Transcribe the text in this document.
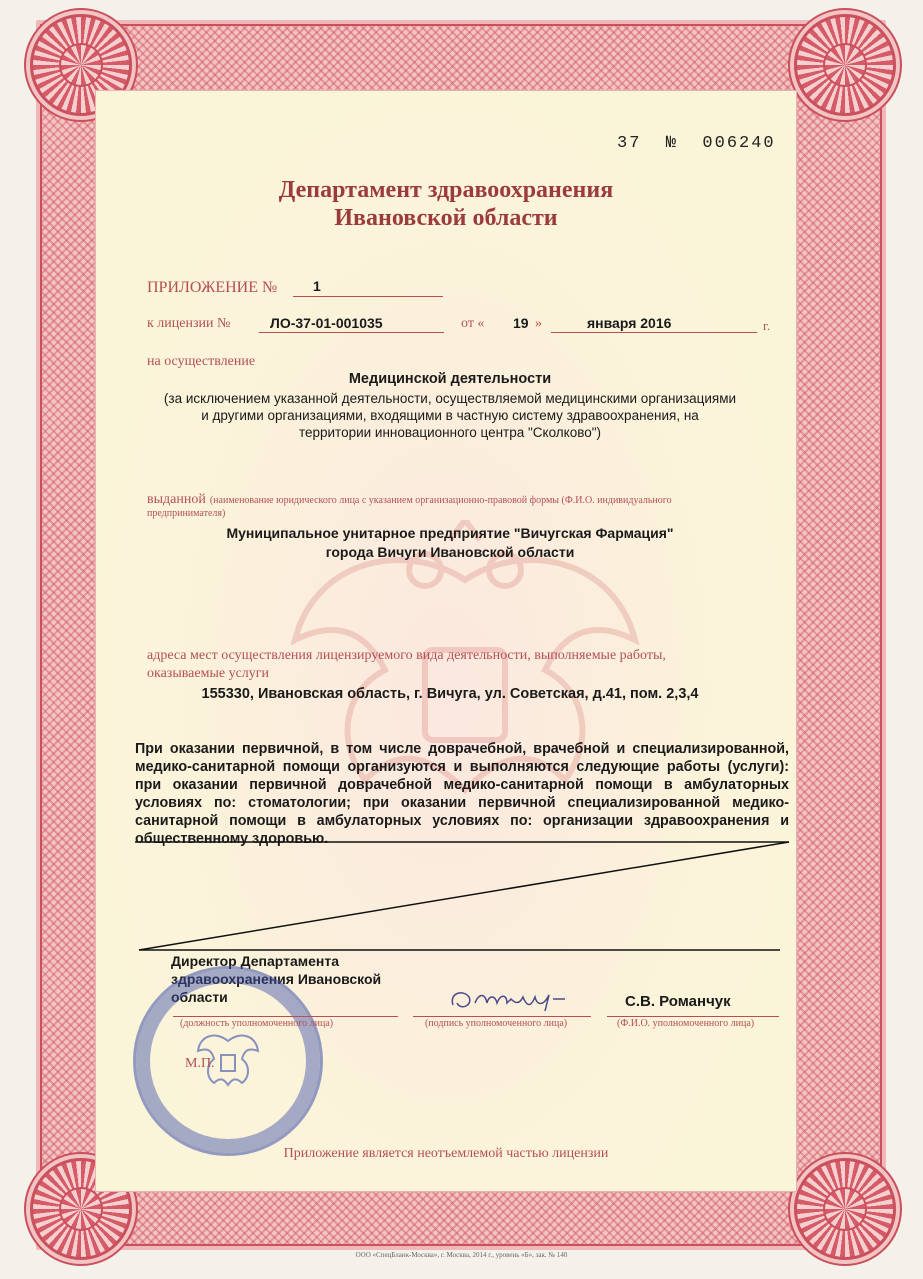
37 № 006240
Департамент здравоохранения
Ивановской области
ПРИЛОЖЕНИЕ №	1
к лицензии №	ЛО-37-01-001035	от « 19 »	января 2016	г.
на осуществление
Медицинской деятельности
(за исключением указанной деятельности, осуществляемой медицинскими организациями
и другими организациями, входящими в частную систему здравоохранения, на
территории инновационного центра "Сколково")
выданной (наименование юридического лица с указанием организационно-правовой формы (Ф.И.О. индивидуального
предпринимателя)
Муниципальное унитарное предприятие "Вичугская Фармация"
города Вичуги Ивановской области
адреса мест осуществления лицензируемого вида деятельности, выполняемые работы,
оказываемые услуги
155330, Ивановская область, г. Вичуга, ул. Советская, д.41, пом. 2,3,4
При оказании первичной, в том числе доврачебной, врачебной и специализированной, медико-санитарной помощи организуются и выполняются следующие работы (услуги): при оказании первичной доврачебной медико-санитарной помощи в амбулаторных условиях по: стоматологии; при оказании первичной специализированной медико-санитарной помощи в амбулаторных условиях по: организации здравоохранения и общественному здоровью.
Директор Департамента
здравоохранения Ивановской
области
(должность уполномоченного лица)	(подпись уполномоченного лица)
С.В. Романчук
(Ф.И.О. уполномоченного лица)
М.П.
Приложение является неотъемлемой частью лицензии
ООО «СпецБланк-Москва», г. Москва, 2014 г., уровень «Б», зак. № 140
